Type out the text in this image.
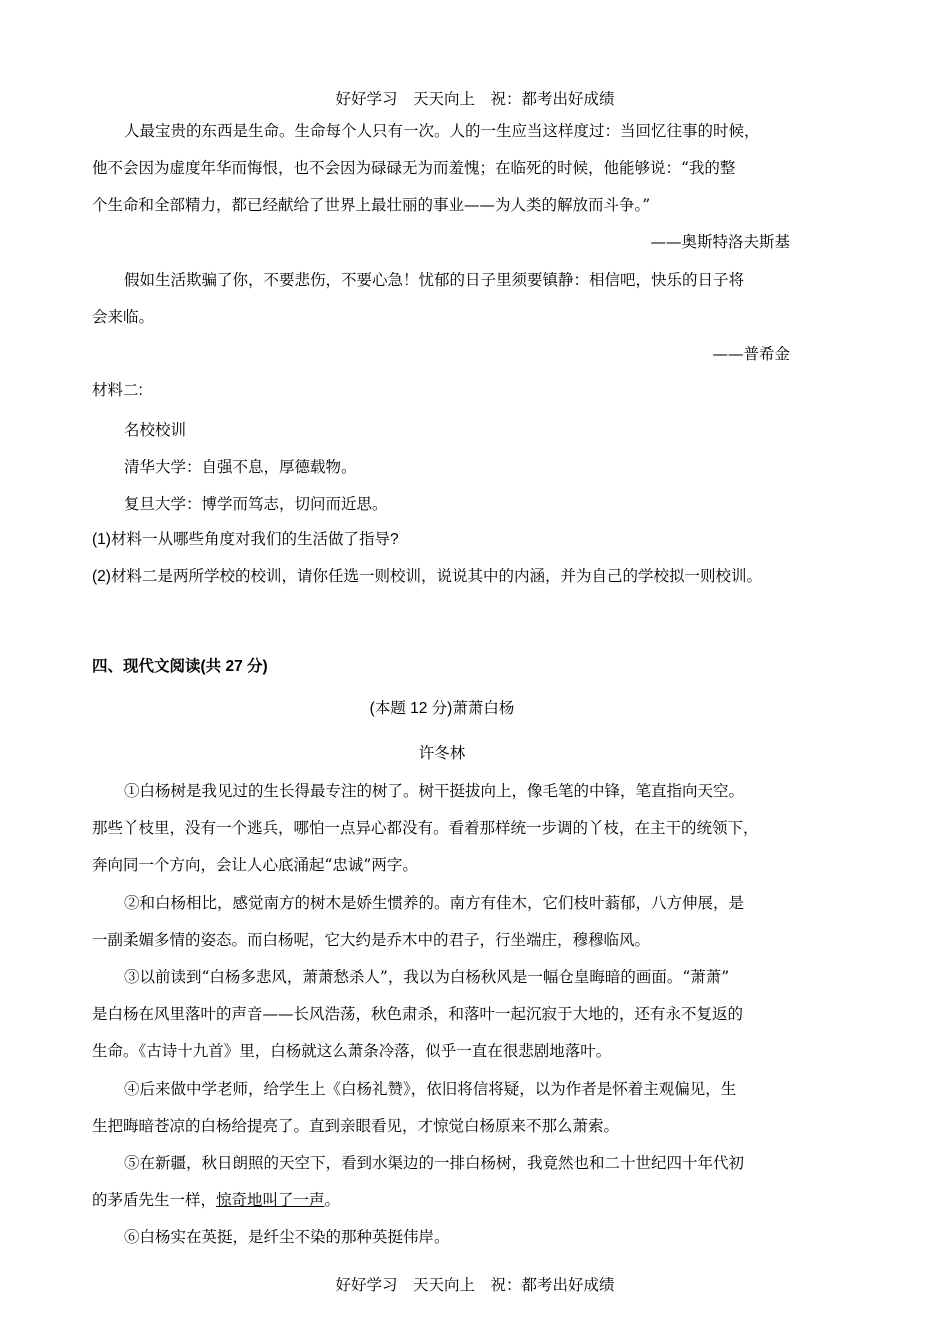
好好学习　天天向上　祝：都考出好成绩
人最宝贵的东西是生命。生命每个人只有一次。人的一生应当这样度过：当回忆往事的时候，
他不会因为虚度年华而悔恨，也不会因为碌碌无为而羞愧；在临死的时候，他能够说：“我的整
个生命和全部精力，都已经献给了世界上最壮丽的事业——为人类的解放而斗争。”
——奥斯特洛夫斯基
假如生活欺骗了你，不要悲伤，不要心急！忧郁的日子里须要镇静：相信吧，快乐的日子将
会来临。
——普希金
材料二:
名校校训
清华大学：自强不息，厚德载物。
复旦大学：博学而笃志，切问而近思。
(1)材料一从哪些角度对我们的生活做了指导?
(2)材料二是两所学校的校训，请你任选一则校训，说说其中的内涵，并为自己的学校拟一则校训。
四、现代文阅读(共 27 分)
(本题 12 分)萧萧白杨
许冬林
①白杨树是我见过的生长得最专注的树了。树干挺拔向上，像毛笔的中锋，笔直指向天空。
那些丫枝里，没有一个逃兵，哪怕一点异心都没有。看着那样统一步调的丫枝，在主干的统领下，
奔向同一个方向，会让人心底涌起“忠诚”两字。
②和白杨相比，感觉南方的树木是娇生惯养的。南方有佳木，它们枝叶蓊郁，八方伸展，是
一副柔媚多情的姿态。而白杨呢，它大约是乔木中的君子，行坐端庄，穆穆临风。
③以前读到“白杨多悲风，萧萧愁杀人”，我以为白杨秋风是一幅仓皇晦暗的画面。“萧萧”
是白杨在风里落叶的声音——长风浩荡，秋色肃杀，和落叶一起沉寂于大地的，还有永不复返的
生命。《古诗十九首》里，白杨就这么萧条冷落，似乎一直在很悲剧地落叶。
④后来做中学老师，给学生上《白杨礼赞》，依旧将信将疑，以为作者是怀着主观偏见，生
生把晦暗苍凉的白杨给提亮了。直到亲眼看见，才惊觉白杨原来不那么萧索。
⑤在新疆，秋日朗照的天空下，看到水渠边的一排白杨树，我竟然也和二十世纪四十年代初
的茅盾先生一样，惊奇地叫了一声。
⑥白杨实在英挺，是纤尘不染的那种英挺伟岸。
好好学习　天天向上　祝：都考出好成绩
